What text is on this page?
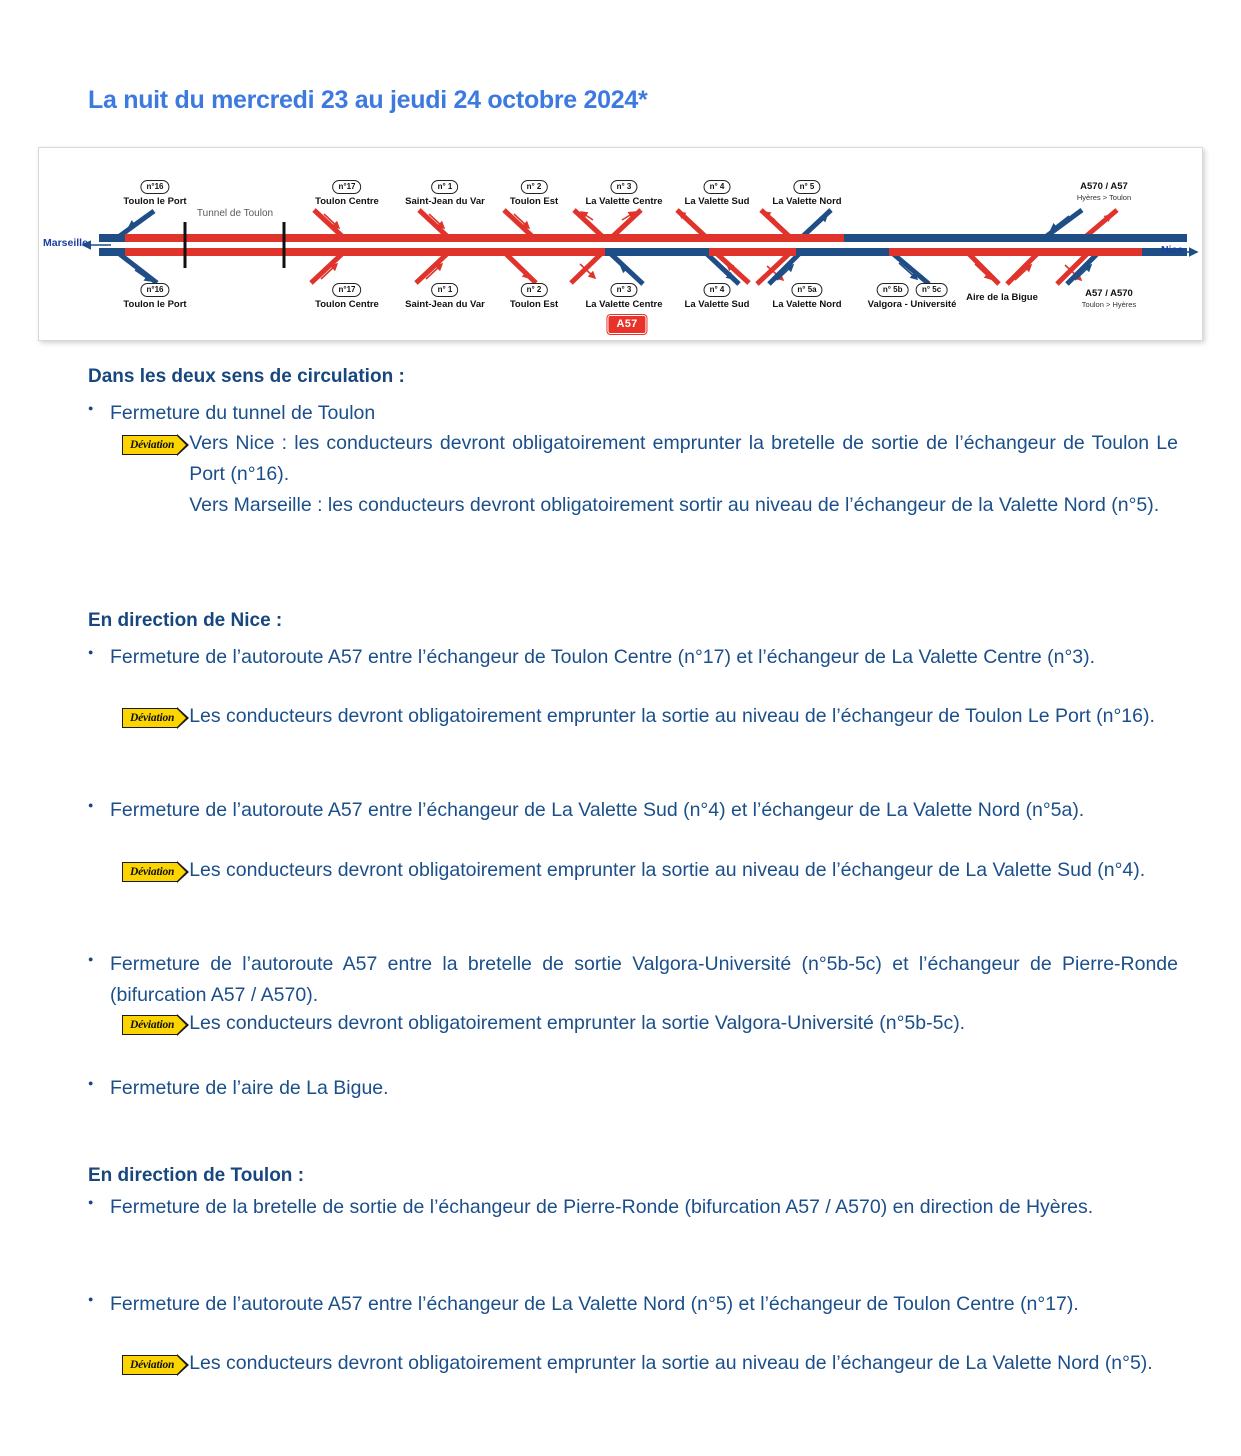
La nuit du mercredi 23 au jeudi 24 octobre 2024*
Marseille
Nice
Tunnel de Toulon
n°16
Toulon le Port
n°17
Toulon Centre
n° 1
Saint-Jean du Var
n° 2
Toulon Est
n° 3
La Valette Centre
n° 4
La Valette Sud
n° 5
La Valette Nord
A570 / A57
Hyères > Toulon
n°16
Toulon le Port
n°17
Toulon Centre
n° 1
Saint-Jean du Var
n° 2
Toulon Est
n° 3
La Valette Centre
n° 4
La Valette Sud
n° 5a
La Valette Nord
n° 5b n° 5c
Valgora - Université
Aire de la Bigue	A57 / A570
Toulon > Hyères
A57
Dans les deux sens de circulation :
●
Fermeture du tunnel de Toulon
Déviation Vers Nice : les conducteurs devront obligatoirement emprunter la bretelle de sortie de l’échangeur de Toulon Le Port (n°16).
Vers Marseille : les conducteurs devront obligatoirement sortir au niveau de l’échangeur de la Valette Nord (n°5).
En direction de Nice :
●
Fermeture de l’autoroute A57 entre l’échangeur de Toulon Centre (n°17) et l’échangeur de La Valette Centre (n°3).
Déviation Les conducteurs devront obligatoirement emprunter la sortie au niveau de l’échangeur de Toulon Le Port (n°16).
●
Fermeture de l’autoroute A57 entre l’échangeur de La Valette Sud (n°4) et l’échangeur de La Valette Nord (n°5a).
Déviation Les conducteurs devront obligatoirement emprunter la sortie au niveau de l’échangeur de La Valette Sud (n°4).
●
Fermeture de l’autoroute A57 entre la bretelle de sortie Valgora-Université (n°5b-5c) et l’échangeur de Pierre-Ronde (bifurcation A57 / A570).
Déviation Les conducteurs devront obligatoirement emprunter la sortie Valgora-Université (n°5b-5c).
●
Fermeture de l’aire de La Bigue.
En direction de Toulon :
●
Fermeture de la bretelle de sortie de l’échangeur de Pierre-Ronde (bifurcation A57 / A570) en direction de Hyères.
●
Fermeture de l’autoroute A57 entre l’échangeur de La Valette Nord (n°5) et l’échangeur de Toulon Centre (n°17).
Déviation Les conducteurs devront obligatoirement emprunter la sortie au niveau de l’échangeur de La Valette Nord (n°5).
